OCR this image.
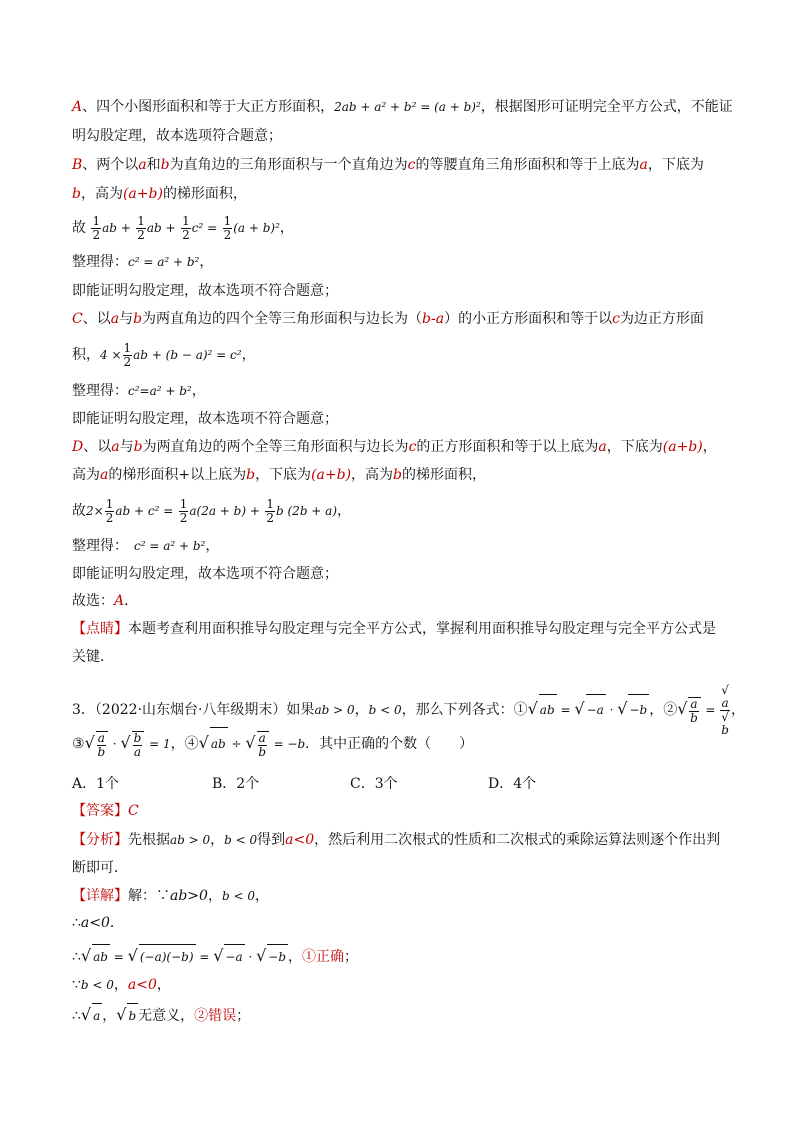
A、四个小图形面积和等于大正方形面积，2ab + a² + b² = (a + b)²，根据图形可证明完全平方公式，不能证
明勾股定理，故本选项符合题意；
B、两个以a和b为直角边的三角形面积与一个直角边为c的等腰直角三角形面积和等于上底为a，下底为
b，高为(a+b)的梯形面积，
故 $\frac{1}{2}$ ab + $\frac{1}{2}$ ab + $\frac{1}{2} c^2 = \frac{1}{2} (a + b)^2$，
整理得：c² = a² + b²，
即能证明勾股定理，故本选项不符合题意；
C、以a与b为两直角边的四个全等三角形面积与边长为（b-a）的小正方形面积和等于以c为边正方形面
积，$4 \times \frac{1}{2}$ ab + (b − a)² = c²，
整理得：c²=a² + b²，
即能证明勾股定理，故本选项不符合题意；
D、以a与b为两直角边的两个全等三角形面积与边长为c的正方形面积和等于以上底为a，下底为(a+b)，
高为a的梯形面积+以上底为b，下底为(a+b)，高为b的梯形面积，
故$2\times \frac{1}{2}$ ab + $c^2 = \frac{1}{2} a(2a + b) + \frac{1}{2}$ b (2b + a)，
整理得： c² = a² + b²，
即能证明勾股定理，故本选项不符合题意；
故选：A．
【点睛】本题考查利用面积推导勾股定理与完全平方公式，掌握利用面积推导勾股定理与完全平方公式是
关键．
3．（2022·山东烟台·八年级期末）如果ab > 0，b < 0，那么下列各式：①√ ab = √ −a · √ −b ，②√ $\frac{a}{b}$ = √
a
√
b ，
③√ $\frac{a}{b}$ · √ $\frac{b}{a} = 1$，④√ ab ÷ √ $\frac{a}{b} = -b$．其中正确的个数（　　）
A．1个	B．2个	C．3个	D．4个
【答案】C
【分析】先根据ab > 0，b < 0得到a<0，然后利用二次根式的性质和二次根式的乘除运算法则逐个作出判
断即可．
【详解】解：∵ab>0，b < 0，
∴a<0．
∴√ ab = √ (−a)(−b) = √ −a · √ −b ，①正确；
∵b < 0，a<0，
∴√ a ，√ b 无意义，②错误；
